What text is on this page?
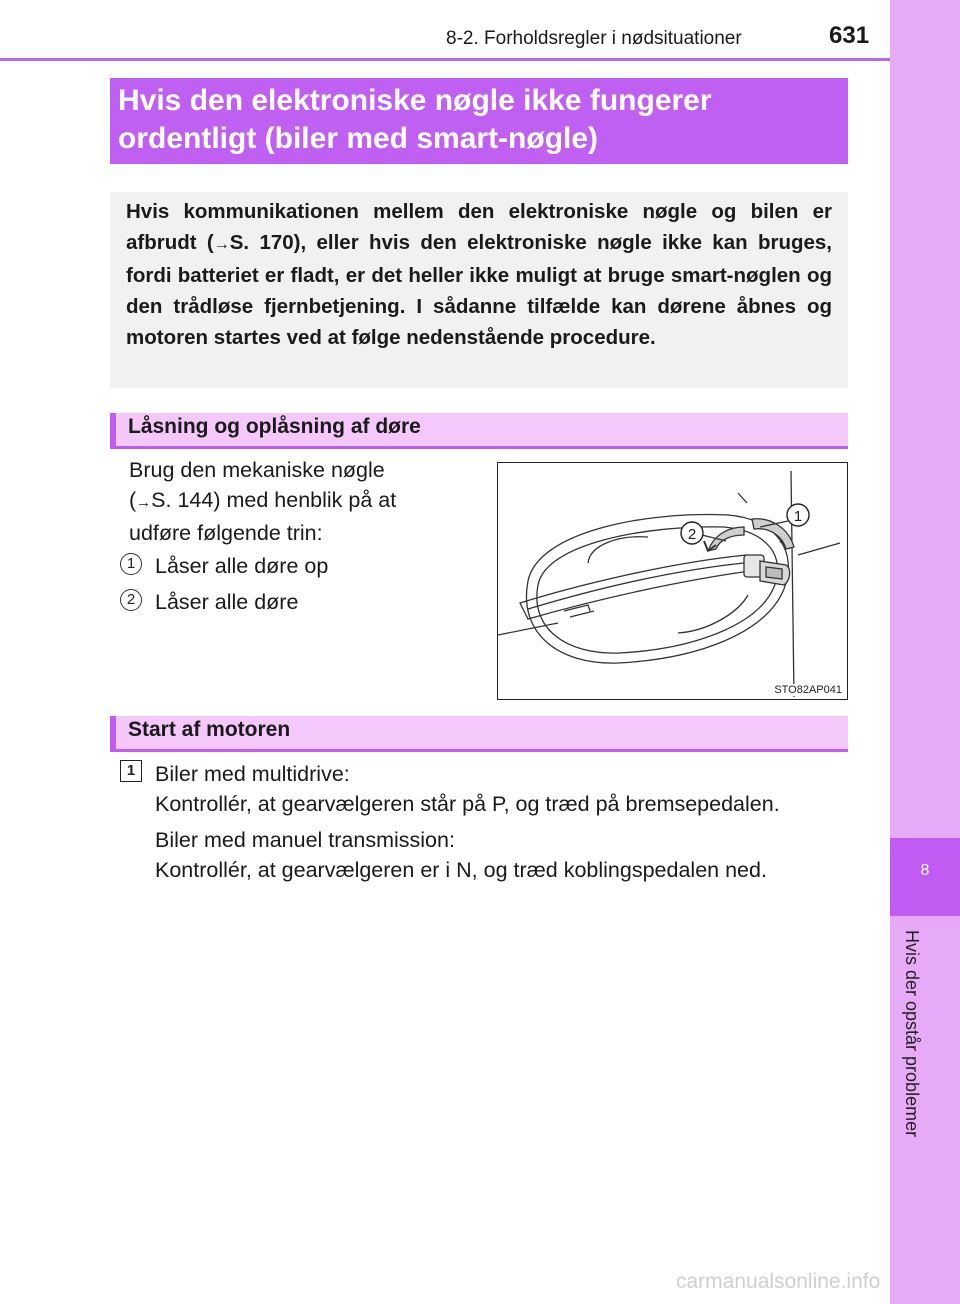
8-2. Forholdsregler i nødsituationer	631
8
Hvis der opstår problemer
Hvis den elektroniske nøgle ikke fungerer
ordentligt (biler med smart-nøgle)
Hvis kommunikationen mellem den elektroniske nøgle og bilen er afbrudt (→S. 170), eller hvis den elektroniske nøgle ikke kan bruges, fordi batteriet er fladt, er det heller ikke muligt at bruge smart-nøglen og den trådløse fjernbetjening. I sådanne tilfælde kan dørene åbnes og motoren startes ved at følge nedenstående procedure.
Låsning og oplåsning af døre
Brug den mekaniske nøgle
(→S. 144) med henblik på at
udføre følgende trin:
1 Låser alle døre op
2 Låser alle døre
1
2
STO82AP041
Start af motoren
1 Biler med multidrive:
Kontrollér, at gearvælgeren står på P, og træd på bremsepedalen.
Biler med manuel transmission:
Kontrollér, at gearvælgeren er i N, og træd koblingspedalen ned.
carmanualsonline.info
